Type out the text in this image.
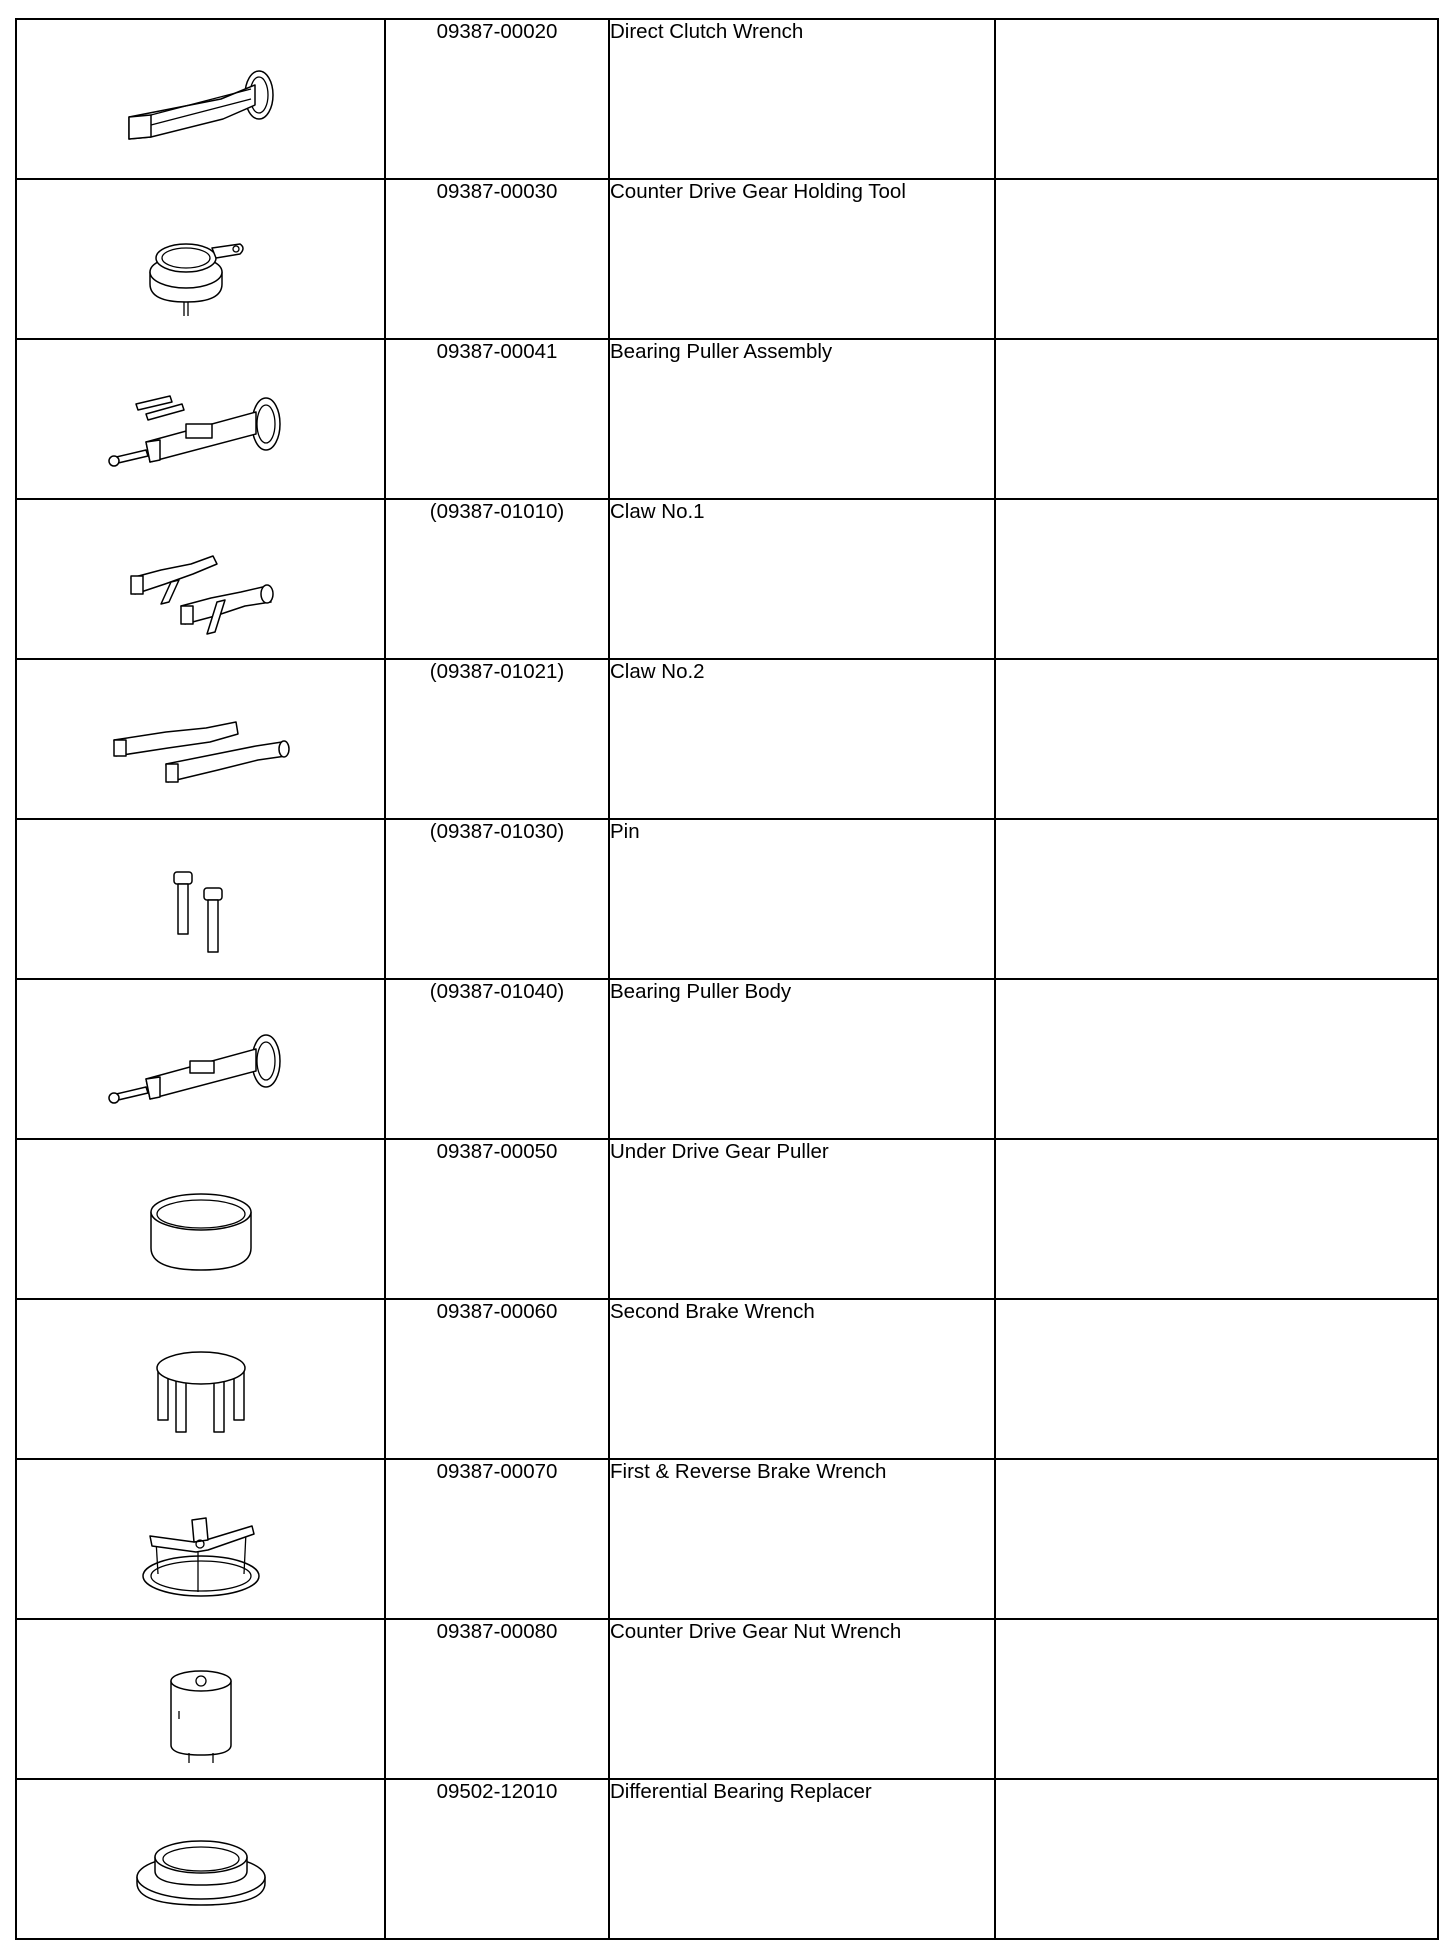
	09387-00020	Direct Clutch Wrench	

	09387-00030	Counter Drive Gear Holding Tool	

	09387-00041	Bearing Puller Assembly	

	(09387-01010)	Claw No.1	

	(09387-01021)	Claw No.2	

	(09387-01030)	Pin	

	(09387-01040)	Bearing Puller Body	

	09387-00050	Under Drive Gear Puller	

	09387-00060	Second Brake Wrench	

	09387-00070	First & Reverse Brake Wrench	

	09387-00080	Counter Drive Gear Nut Wrench	

	09502-12010	Differential Bearing Replacer	
